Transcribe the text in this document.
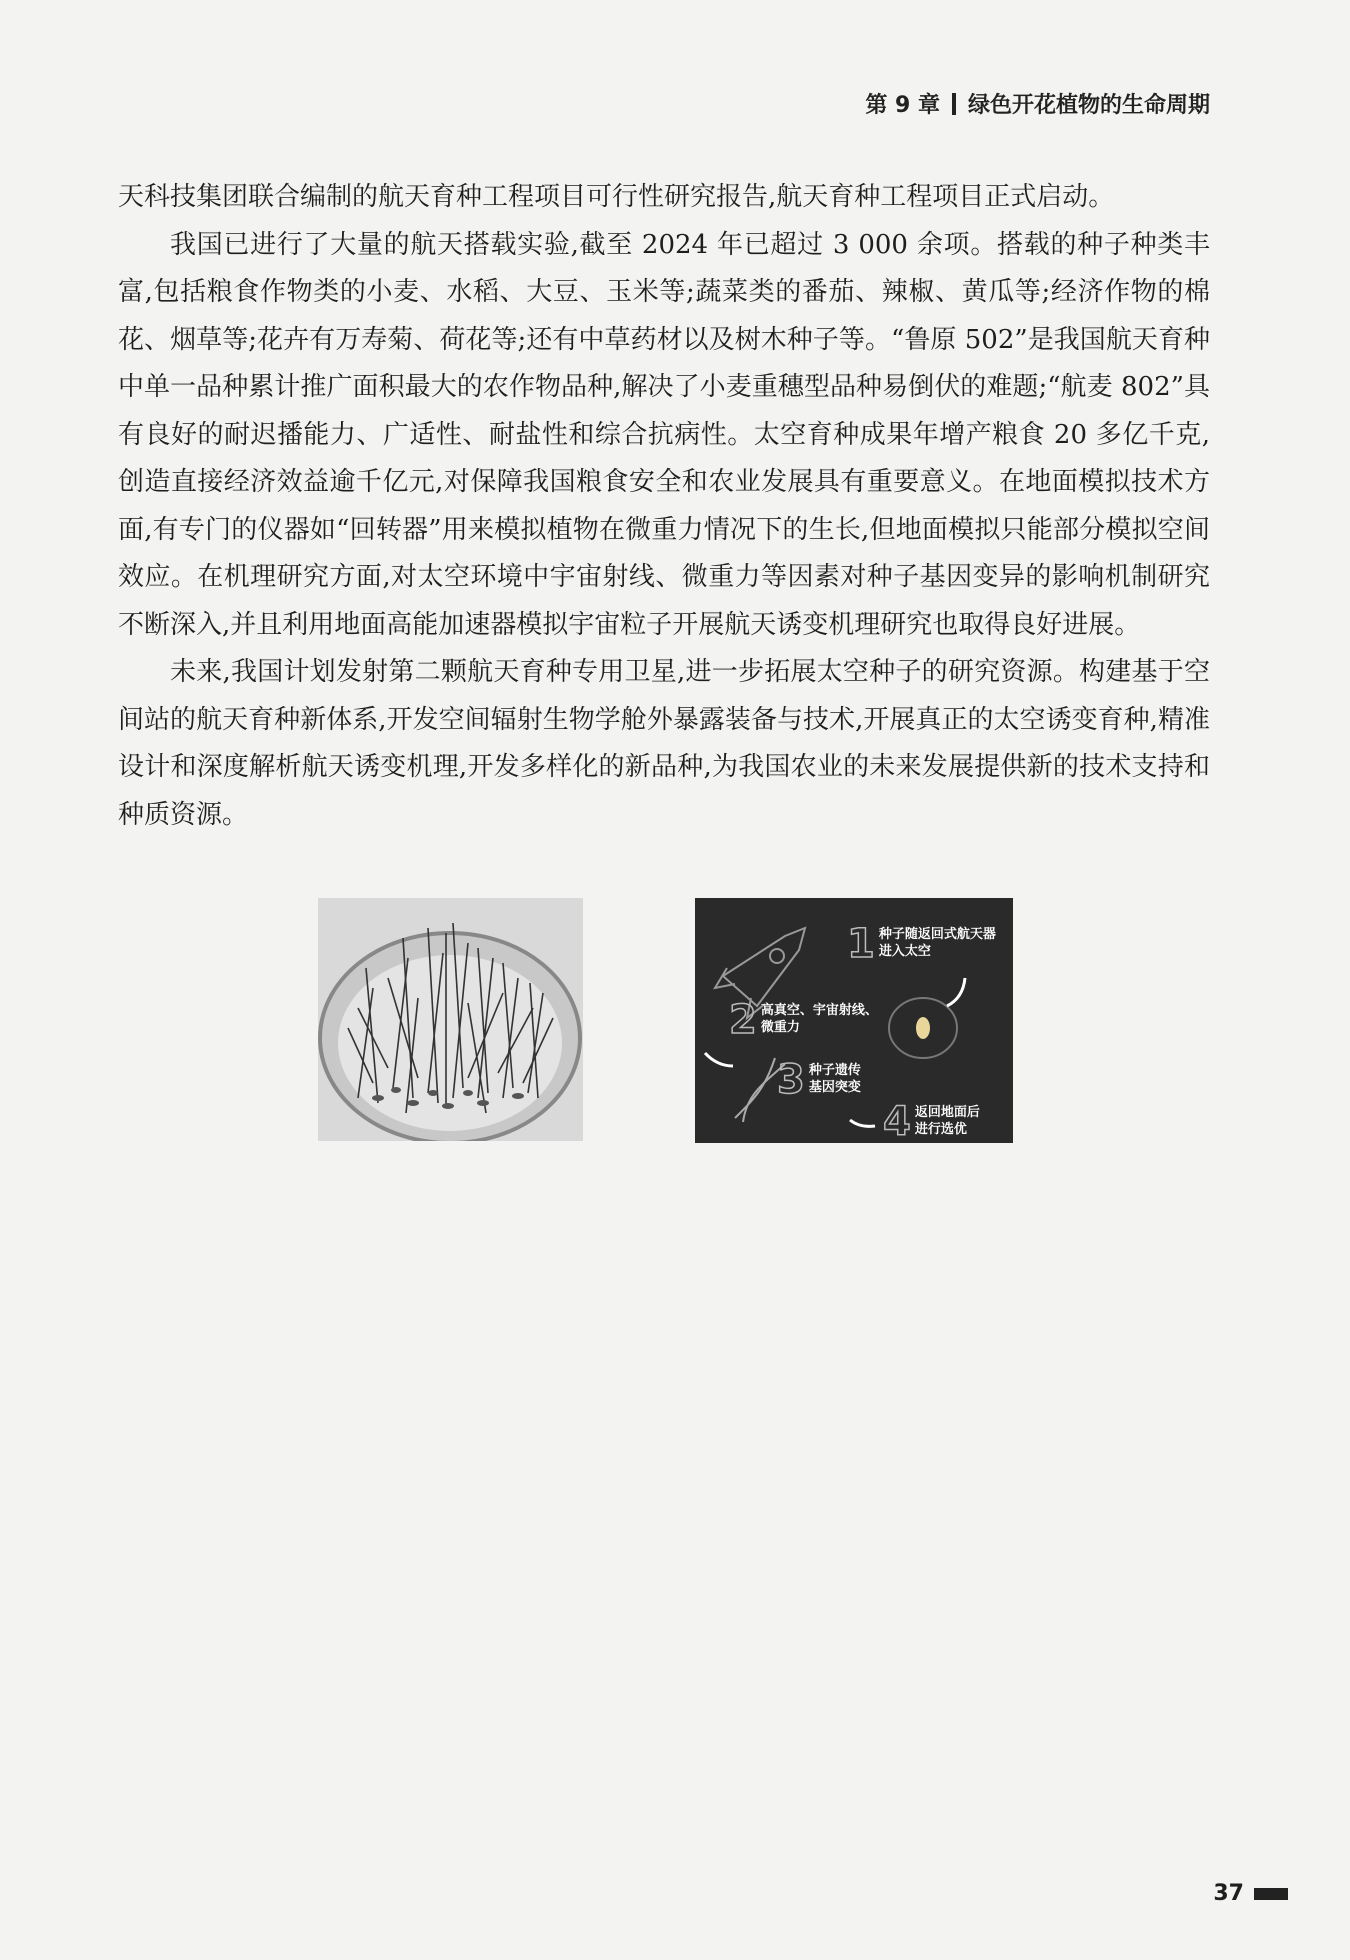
第 9 章 绿色开花植物的生命周期

天科技集团联合编制的航天育种工程项目可行性研究报告,航天育种工程项目正式启动。

我国已进行了大量的航天搭载实验,截至 2024 年已超过 3 000 余项。搭载的种子种类丰富,包括粮食作物类的小麦、水稻、大豆、玉米等;蔬菜类的番茄、辣椒、黄瓜等;经济作物的棉花、烟草等;花卉有万寿菊、荷花等;还有中草药材以及树木种子等。“鲁原 502”是我国航天育种中单一品种累计推广面积最大的农作物品种,解决了小麦重穗型品种易倒伏的难题;“航麦 802”具有良好的耐迟播能力、广适性、耐盐性和综合抗病性。太空育种成果年增产粮食 20 多亿千克,创造直接经济效益逾千亿元,对保障我国粮食安全和农业发展具有重要意义。在地面模拟技术方面,有专门的仪器如“回转器”用来模拟植物在微重力情况下的生长,但地面模拟只能部分模拟空间效应。在机理研究方面,对太空环境中宇宙射线、微重力等因素对种子基因变异的影响机制研究不断深入,并且利用地面高能加速器模拟宇宙粒子开展航天诱变机理研究也取得良好进展。

未来,我国计划发射第二颗航天育种专用卫星,进一步拓展太空种子的研究资源。构建基于空间站的航天育种新体系,开发空间辐射生物学舱外暴露装备与技术,开展真正的太空诱变育种,精准设计和深度解析航天诱变机理,开发多样化的新品种,为我国农业的未来发展提供新的技术支持和种质资源。

1 种子随返回式航天器
进入太空
2 高真空、宇宙射线、
微重力
3 种子遗传
基因突变
4 返回地面后
进行选优
37
